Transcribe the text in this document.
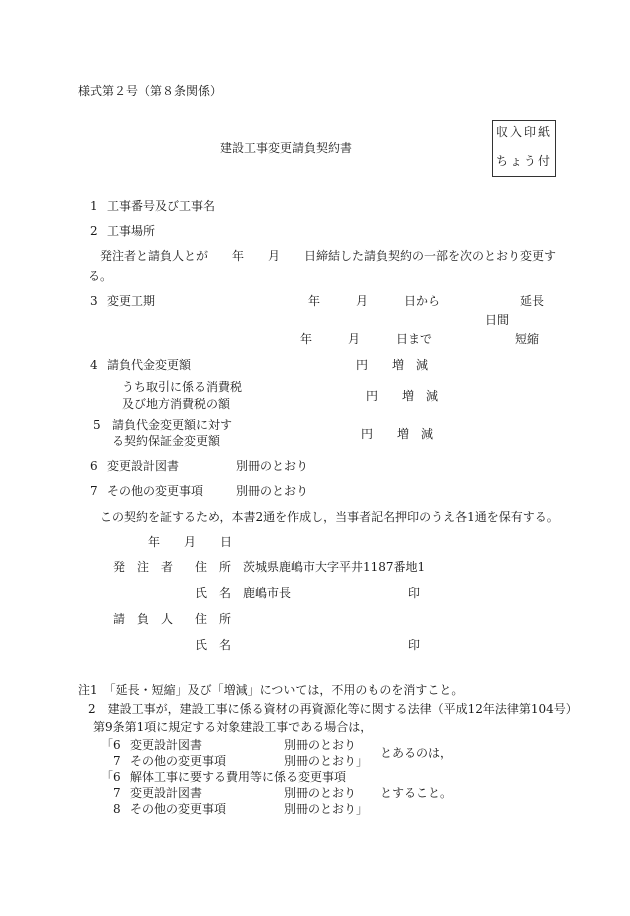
様式第２号（第８条関係）
建設工事変更請負契約書
収入印紙
ちょう付
1 工事番号及び工事名
2 工事場所
発注者と請負人とが　　年　　月　　日締結した請負契約の一部を次のとおり変更す
る。
3 変更工期	年　　　月　　　日から	延長
日間
年　　　月　　　日まで	短縮
4 請負代金変更額	円　　増　減
うち取引に係る消費税
及び地方消費税の額
円　　増　減
5 請負代金変更額に対す
る契約保証金変更額	円　　増　減
6 変更設計図書	別冊のとおり
7 その他の変更事項	別冊のとおり
この契約を証するため，本書2通を作成し，当事者記名押印のうえ各1通を保有する。
年　　月　　日
発　注　者 住　所 茨城県鹿嶋市大字平井1187番地1
氏　名 鹿嶋市長	印
請　負　人 住　所
氏　名	印
注1　「延長・短縮」及び「増減」については，不用のものを消すこと。
2　建設工事が，建設工事に係る資材の再資源化等に関する法律（平成12年法律第104号）
第9条第1項に規定する対象建設工事である場合は，
「6 変更設計図書	別冊のとおり
とあるのは，
7 その他の変更事項	別冊のとおり」
「6 解体工事に要する費用等に係る変更事項
7 変更設計図書	別冊のとおり とすること。
8 その他の変更事項	別冊のとおり」
